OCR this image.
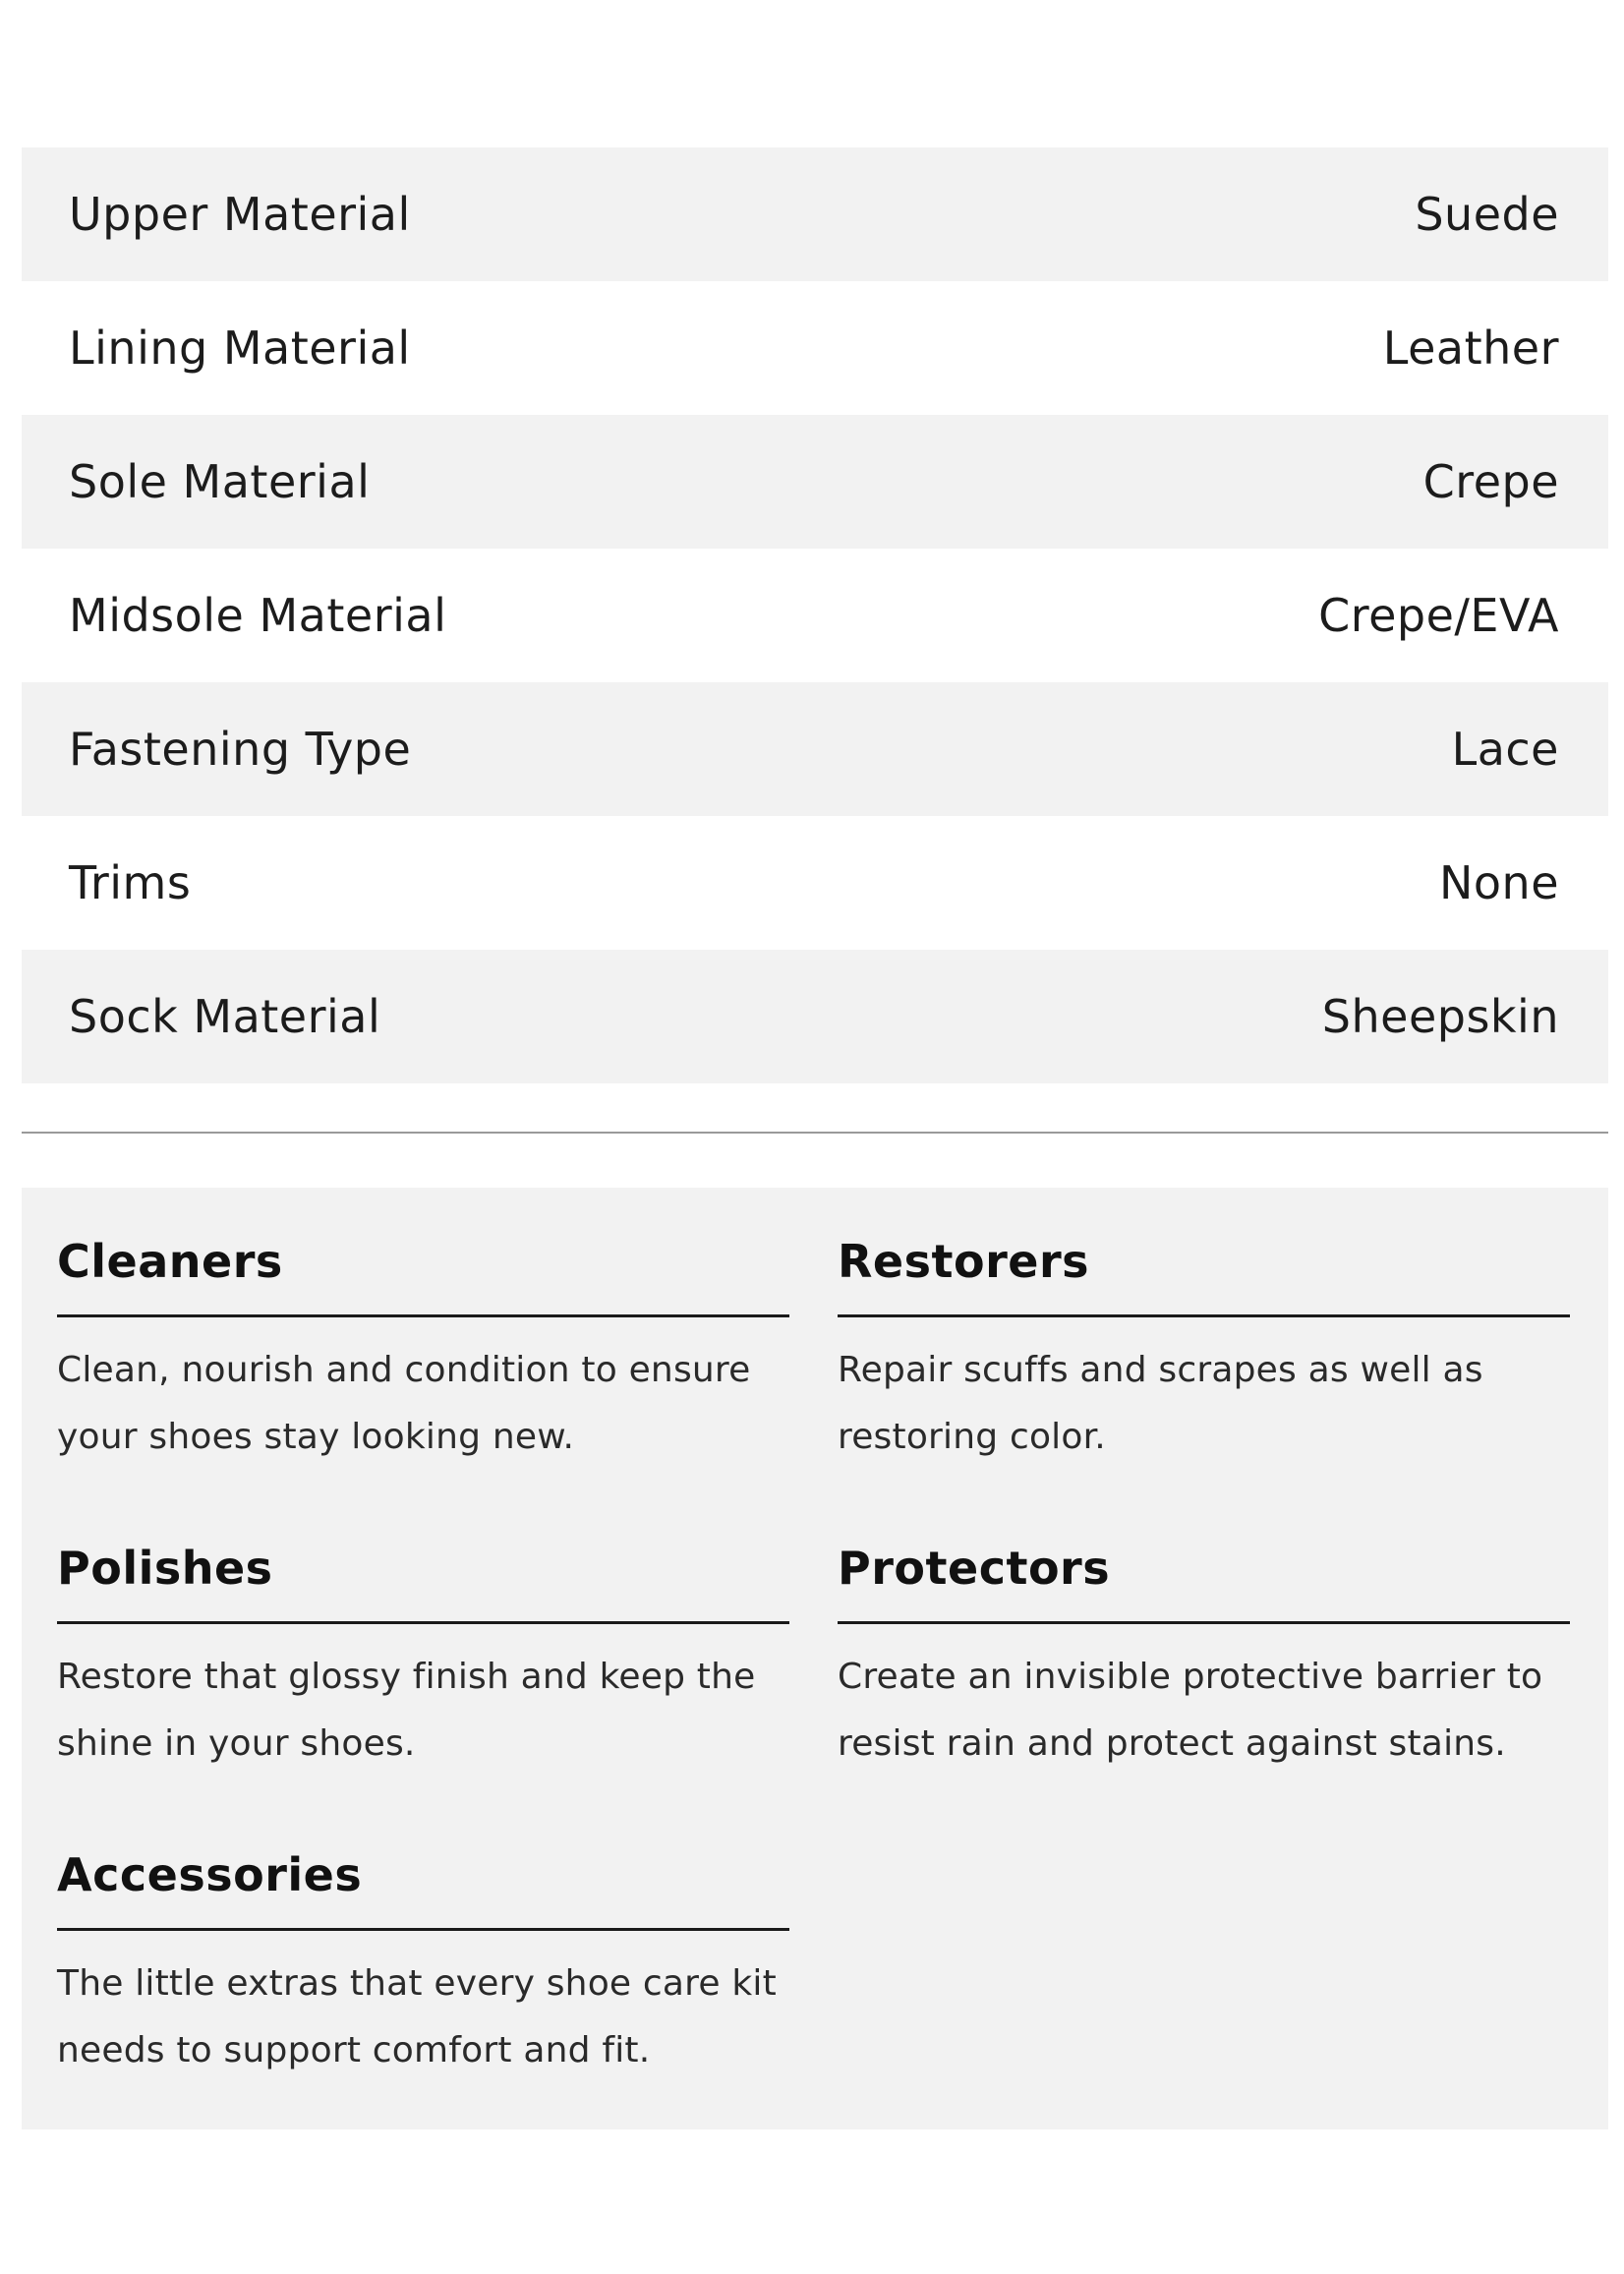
Upper Material	Suede
Lining Material	Leather
Sole Material	Crepe
Midsole Material	Crepe/EVA
Fastening Type	Lace
Trims	None
Sock Material	Sheepskin
Cleaners

Clean, nourish and condition to ensure your shoes stay looking new.

Restorers

Repair scuffs and scrapes as well as restoring color.

Polishes

Restore that glossy finish and keep the shine in your shoes.

Protectors

Create an invisible protective barrier to resist rain and protect against stains.

Accessories

The little extras that every shoe care kit needs to support comfort and fit.
